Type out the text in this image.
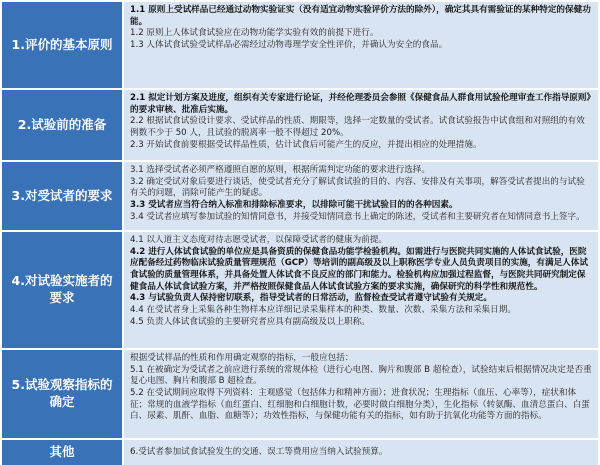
1.评价的基本原则

1.1 原则上受试样品已经通过动物实验证实（没有适宜动物实验评价方法的除外），确定其具有需验证的某种特定的保健功能。

1.2 原则上人体试食试验应在动物功能学实验有效的前提下进行。

1.3 人体试食试验受试样品必需经过动物毒理学安全性评价，并确认为安全的食品。

2.试验前的准备

2.1 拟定计划方案及进度，组织有关专家进行论证，并经伦理委员会参照《保健食品人群食用试验伦理审查工作指导原则》的要求审核、批准后实施。

2.2 根据试食试验设计要求、受试样品的性质、期限等，选择一定数量的受试者。试食试验报告中试食组和对照组的有效例数不少于 50 人，且试验的脱离率一般不得超过 20%。

2.3 开始试食前要根据受试样品性质，估计试食后可能产生的反应，并提出相应的处理措施。

3.对受试者的要求

3.1 选择受试者必须严格遵照自愿的原则，根据所需判定功能的要求进行选择。

3.2 确定受试对象后要进行谈话，使受试者充分了解试食试验的目的、内容、安排及有关事项，解答受试者提出的与试验有关的问题，消除可能产生的疑虑。

3.3 受试者应当符合纳入标准和排除标准要求，以排除可能干扰试验目的的各种因素。

3.4 受试者应填写参加试验的知情同意书，并接受知情同意书上确定的陈述，受试者和主要研究者在知情同意书上签字。

4.对试验实施者的要求

4.1 以人道主义态度对待志愿受试者，以保障受试者的健康为前提。

4.2 进行人体试食试验的单位应是具备资质的保健食品功能学检验机构。如需进行与医院共同实施的人体试食试验，医院应配备经过药物临床试验质量管理规范（GCP）等培训的副高级及以上职称医学专业人员负责项目的实施，有满足人体试食试验的质量管理体系，并具备处置人体试食不良反应的部门和能力。检验机构应加强过程监督，与医院共同研究制定保健食品人体试食试验方案，并严格按照保健食品人体试食试验方案的要求实施，确保研究的科学性和规范性。

4.3 与试验负责人保持密切联系，指导受试者的日常活动，监督检查受试者遵守试验有关规定。

4.4 在受试者身上采集各种生物样本应详细记录采集样本的种类、数量、次数、采集方法和采集日期。

4.5 负责人体试食试验的主要研究者应具有副高级及以上职称。

5.试验观察指标的确定

根据受试样品的性质和作用确定观察的指标，一般应包括：

5.1 在被确定为受试者之前应进行系统的常规体检（进行心电图、胸片和腹部 B 超检查），试验结束后根据情况决定是否重复心电图、胸片和腹部 B 超检查。

5.2 在受试期间应取得下列资料：主观感觉（包括体力和精神方面）；进食状况；生理指标（血压、心率等），症状和体征；常规的血液学指标（血红蛋白、红细胞和白细胞计数，必要时做白细胞分类），生化指标（转氨酶、血清总蛋白、白蛋白、尿素、肌酐、血脂、血糖等）；功效性指标，与保健功能有关的指标，如有助于抗氧化功能等方面的指标。

其他	6.受试者参加试食试验发生的交通、误工等费用应当纳入试验预算。
